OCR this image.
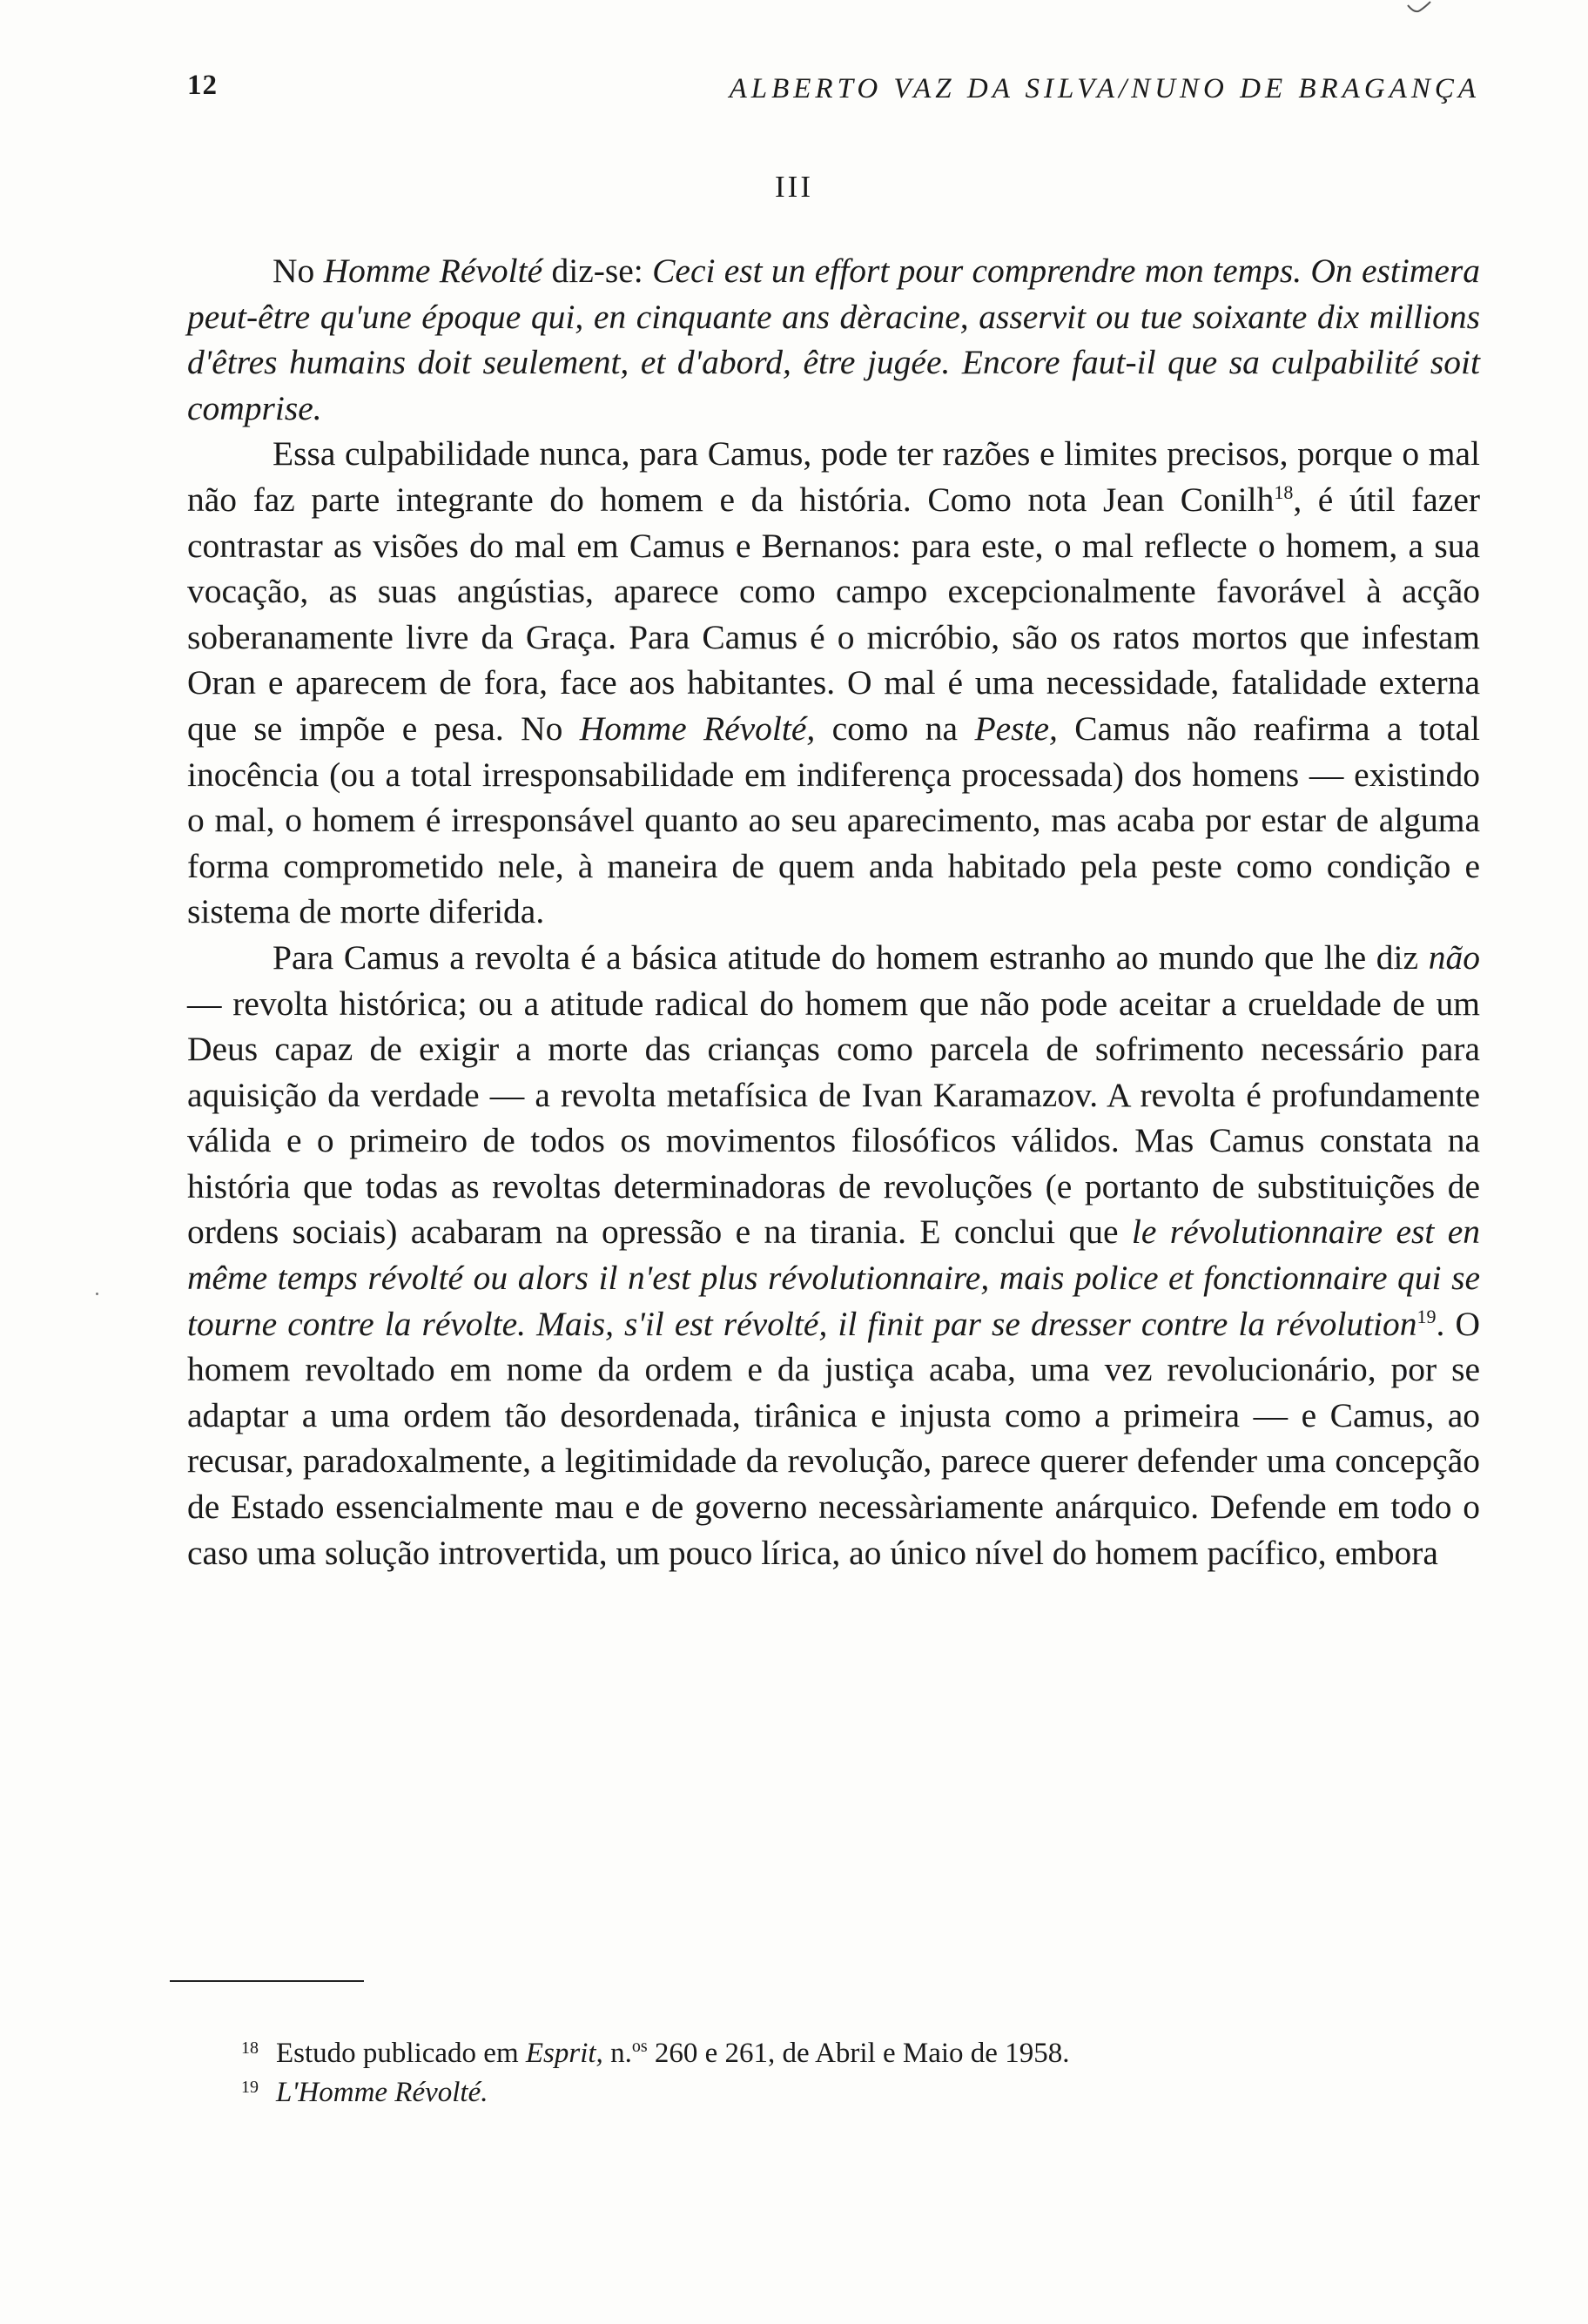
12	ALBERTO VAZ DA SILVA/NUNO DE BRAGANÇA
III

No Homme Révolté diz-se: Ceci est un effort pour comprendre mon temps. On estimera peut-être qu'une époque qui, en cinquante ans dèracine, asservit ou tue soixante dix millions d'êtres humains doit seulement, et d'abord, être jugée. Encore faut-il que sa culpabilité soit comprise.

Essa culpabilidade nunca, para Camus, pode ter razões e limites precisos, porque o mal não faz parte integrante do homem e da história. Como nota Jean Conilh$^{18}$, é útil fazer contrastar as visões do mal em Camus e Bernanos: para este, o mal reflecte o homem, a sua vocação, as suas angústias, aparece como campo excepcionalmente favorável à acção soberanamente livre da Graça. Para Camus é o micróbio, são os ratos mortos que infestam Oran e aparecem de fora, face aos habitantes. O mal é uma necessidade, fatalidade externa que se impõe e pesa. No Homme Révolté, como na Peste, Camus não reafirma a total inocência (ou a total irresponsabilidade em indiferença processada) dos homens — existindo o mal, o homem é irresponsável quanto ao seu aparecimento, mas acaba por estar de alguma forma comprometido nele, à maneira de quem anda habitado pela peste como condição e sistema de morte diferida.

Para Camus a revolta é a básica atitude do homem estranho ao mundo que lhe diz não — revolta histórica; ou a atitude radical do homem que não pode aceitar a crueldade de um Deus capaz de exigir a morte das crianças como parcela de sofrimento necessário para aquisição da verdade — a revolta metafísica de Ivan Karamazov. A revolta é profundamente válida e o primeiro de todos os movimentos filosóficos válidos. Mas Camus constata na história que todas as revoltas determinadoras de revoluções (e portanto de substituições de ordens sociais) acabaram na opressão e na tirania. E conclui que le révolutionnaire est en même temps révolté ou alors il n'est plus révolutionnaire, mais police et fonctionnaire qui se tourne contre la révolte. Mais, s'il est révolté, il finit par se dresser contre la révolution$^{19}$. O homem revoltado em nome da ordem e da justiça acaba, uma vez revolucionário, por se adaptar a uma ordem tão desordenada, tirânica e injusta como a primeira — e Camus, ao recusar, paradoxalmente, a legitimidade da revolução, parece querer defender uma concepção de Estado essencialmente mau e de governo necessàriamente anárquico. Defende em todo o caso uma solução introvertida, um pouco lírica, ao único nível do homem pacífico, embora

18 Estudo publicado em Esprit, n.$^{os}$ 260 e 261, de Abril e Maio de 1958.
19 L'Homme Révolté.
